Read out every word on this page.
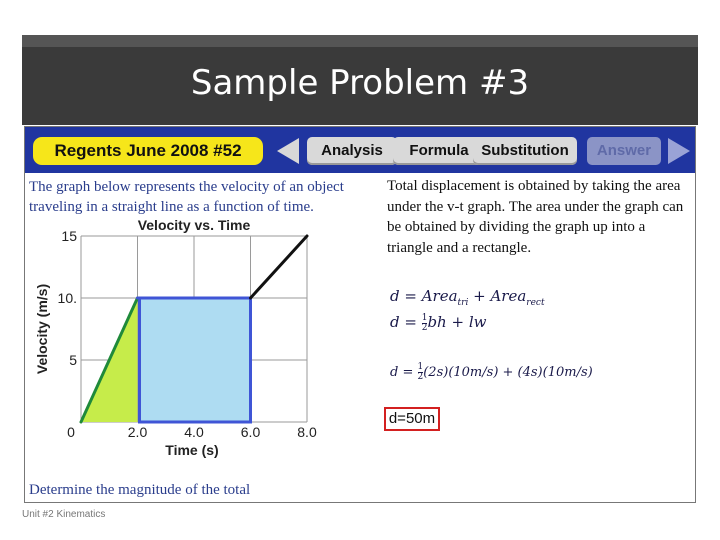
Sample Problem #3
Regents June 2008 #52	Analysis	Formula Substitution	Answer
The graph below represents the velocity of an object traveling in a straight line as a function of time.
Velocity vs. Time
0	2.0	4.0	6.0	8.0
5
10.
15
Time (s)
Velocity (m/s)
Determine the magnitude of the total
Total displacement is obtained by taking the area under the v-t graph. The area under the graph can be obtained by dividing the graph up into a triangle and a rectangle.
d = Area$_{tri}$ + Area$_{rect}$
$d = \frac{1}{2}$ bh + lw
$d = \frac{1}{2} (2s)(10m/s) + (4s)(10m/s)$
d=50m
Unit #2 Kinematics
